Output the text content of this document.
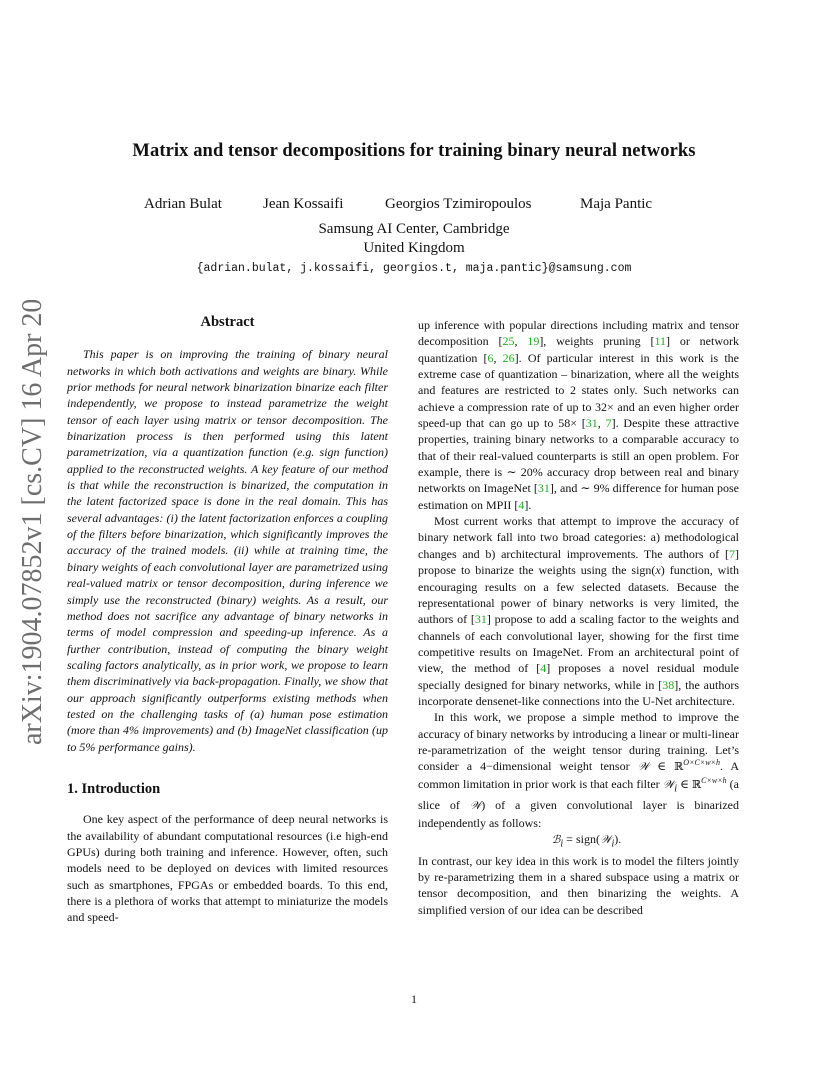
arXiv:1904.07852v1 [cs.CV] 16 Apr 2019
Matrix and tensor decompositions for training binary neural networks
Adrian Bulat	Jean Kossaifi	Georgios Tzimiropoulos	Maja Pantic
Samsung AI Center, Cambridge
United Kingdom
{adrian.bulat, j.kossaifi, georgios.t, maja.pantic}@samsung.com
Abstract

This paper is on improving the training of binary neural networks in which both activations and weights are binary. While prior methods for neural network binarization binarize each filter independently, we propose to instead parametrize the weight tensor of each layer using matrix or tensor decomposition. The binarization process is then performed using this latent parametrization, via a quantization function (e.g. sign function) applied to the reconstructed weights. A key feature of our method is that while the reconstruction is binarized, the computation in the latent factorized space is done in the real domain. This has several advantages: (i) the latent factorization enforces a coupling of the filters before binarization, which significantly improves the accuracy of the trained models. (ii) while at training time, the binary weights of each convolutional layer are parametrized using real-valued matrix or tensor decomposition, during inference we simply use the reconstructed (binary) weights. As a result, our method does not sacrifice any advantage of binary networks in terms of model compression and speeding-up inference. As a further contribution, instead of computing the binary weight scaling factors analytically, as in prior work, we propose to learn them discriminatively via back-propagation. Finally, we show that our approach significantly outperforms existing methods when tested on the challenging tasks of (a) human pose estimation (more than 4% improvements) and (b) ImageNet classification (up to 5% performance gains).

1. Introduction

One key aspect of the performance of deep neural networks is the availability of abundant computational resources (i.e high-end GPUs) during both training and inference. However, often, such models need to be deployed on devices with limited resources such as smartphones, FPGAs or embedded boards. To this end, there is a plethora of works that attempt to miniaturize the models and speed-

up inference with popular directions including matrix and tensor decomposition [25, 19], weights pruning [11] or network quantization [6, 26]. Of particular interest in this work is the extreme case of quantization – binarization, where all the weights and features are restricted to 2 states only. Such networks can achieve a compression rate of up to 32× and an even higher order speed-up that can go up to 58× [31, 7]. Despite these attractive properties, training binary networks to a comparable accuracy to that of their real-valued counterparts is still an open problem. For example, there is ∼ 20% accuracy drop between real and binary networkts on ImageNet [31], and ∼ 9% difference for human pose estimation on MPII [4].

Most current works that attempt to improve the accuracy of binary network fall into two broad categories: a) methodological changes and b) architectural improvements. The authors of [7] propose to binarize the weights using the sign(x) function, with encouraging results on a few selected datasets. Because the representational power of binary networks is very limited, the authors of [31] propose to add a scaling factor to the weights and channels of each convolutional layer, showing for the first time competitive results on ImageNet. From an architectural point of view, the method of [4] proposes a novel residual module specially designed for binary networks, while in [38], the authors incorporate densenet-like connections into the U-Net architecture.

In this work, we propose a simple method to improve the accuracy of binary networks by introducing a linear or multi-linear re-parametrization of the weight tensor during training. Let’s consider a 4−dimensional weight tensor 𝒲 ∈ ℝ$^{O\times C\times w\times h}$. A common limitation in prior work is that each filter 𝒲$_i$ ∈ ℝ$^{C\times w\times h}$ (a slice of 𝒲) of a given convolutional layer is binarized independently as follows:

ℬ$_i$ = sign(𝒲$_i$).

In contrast, our key idea in this work is to model the filters jointly by re-parametrizing them in a shared subspace using a matrix or tensor decomposition, and then binarizing the weights. A simplified version of our idea can be described

1
